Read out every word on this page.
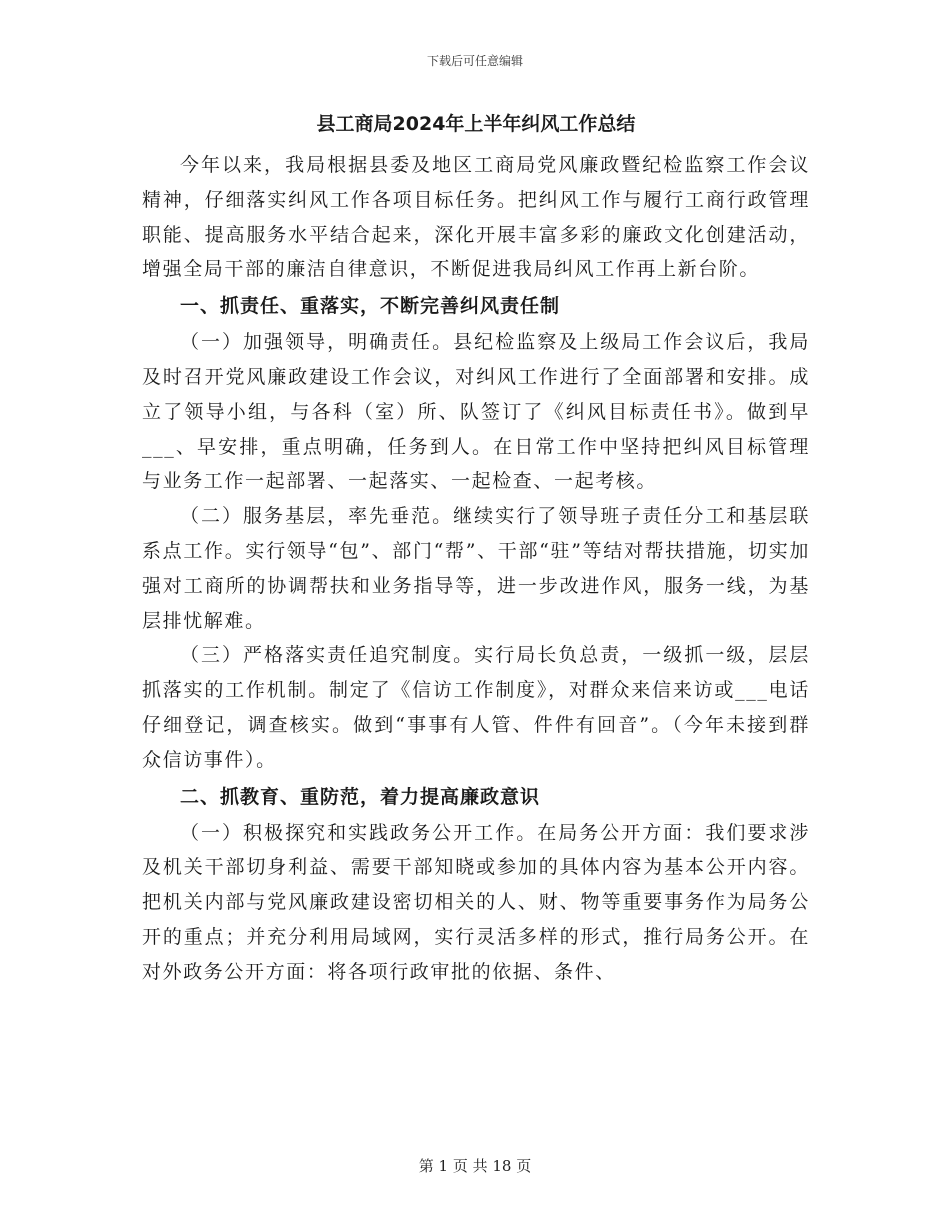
下载后可任意编辑
县工商局2024年上半年纠风工作总结

今年以来，我局根据县委及地区工商局党风廉政暨纪检监察工作会议精神，仔细落实纠风工作各项目标任务。把纠风工作与履行工商行政管理职能、提高服务水平结合起来，深化开展丰富多彩的廉政文化创建活动，增强全局干部的廉洁自律意识，不断促进我局纠风工作再上新台阶。

一、抓责任、重落实，不断完善纠风责任制

（一）加强领导，明确责任。县纪检监察及上级局工作会议后，我局及时召开党风廉政建设工作会议，对纠风工作进行了全面部署和安排。成立了领导小组，与各科（室）所、队签订了《纠风目标责任书》。做到早___、早安排，重点明确，任务到人。在日常工作中坚持把纠风目标管理与业务工作一起部署、一起落实、一起检查、一起考核。

（二）服务基层，率先垂范。继续实行了领导班子责任分工和基层联系点工作。实行领导“包”、部门“帮”、干部“驻”等结对帮扶措施，切实加强对工商所的协调帮扶和业务指导等，进一步改进作风，服务一线，为基层排忧解难。

（三）严格落实责任追究制度。实行局长负总责，一级抓一级，层层抓落实的工作机制。制定了《信访工作制度》，对群众来信来访或___电话仔细登记，调查核实。做到“事事有人管、件件有回音”。（今年未接到群众信访事件）。

二、抓教育、重防范，着力提高廉政意识

（一）积极探究和实践政务公开工作。在局务公开方面：我们要求涉及机关干部切身利益、需要干部知晓或参加的具体内容为基本公开内容。把机关内部与党风廉政建设密切相关的人、财、物等重要事务作为局务公开的重点；并充分利用局域网，实行灵活多样的形式，推行局务公开。在对外政务公开方面：将各项行政审批的依据、条件、

第 1 页 共 18 页
